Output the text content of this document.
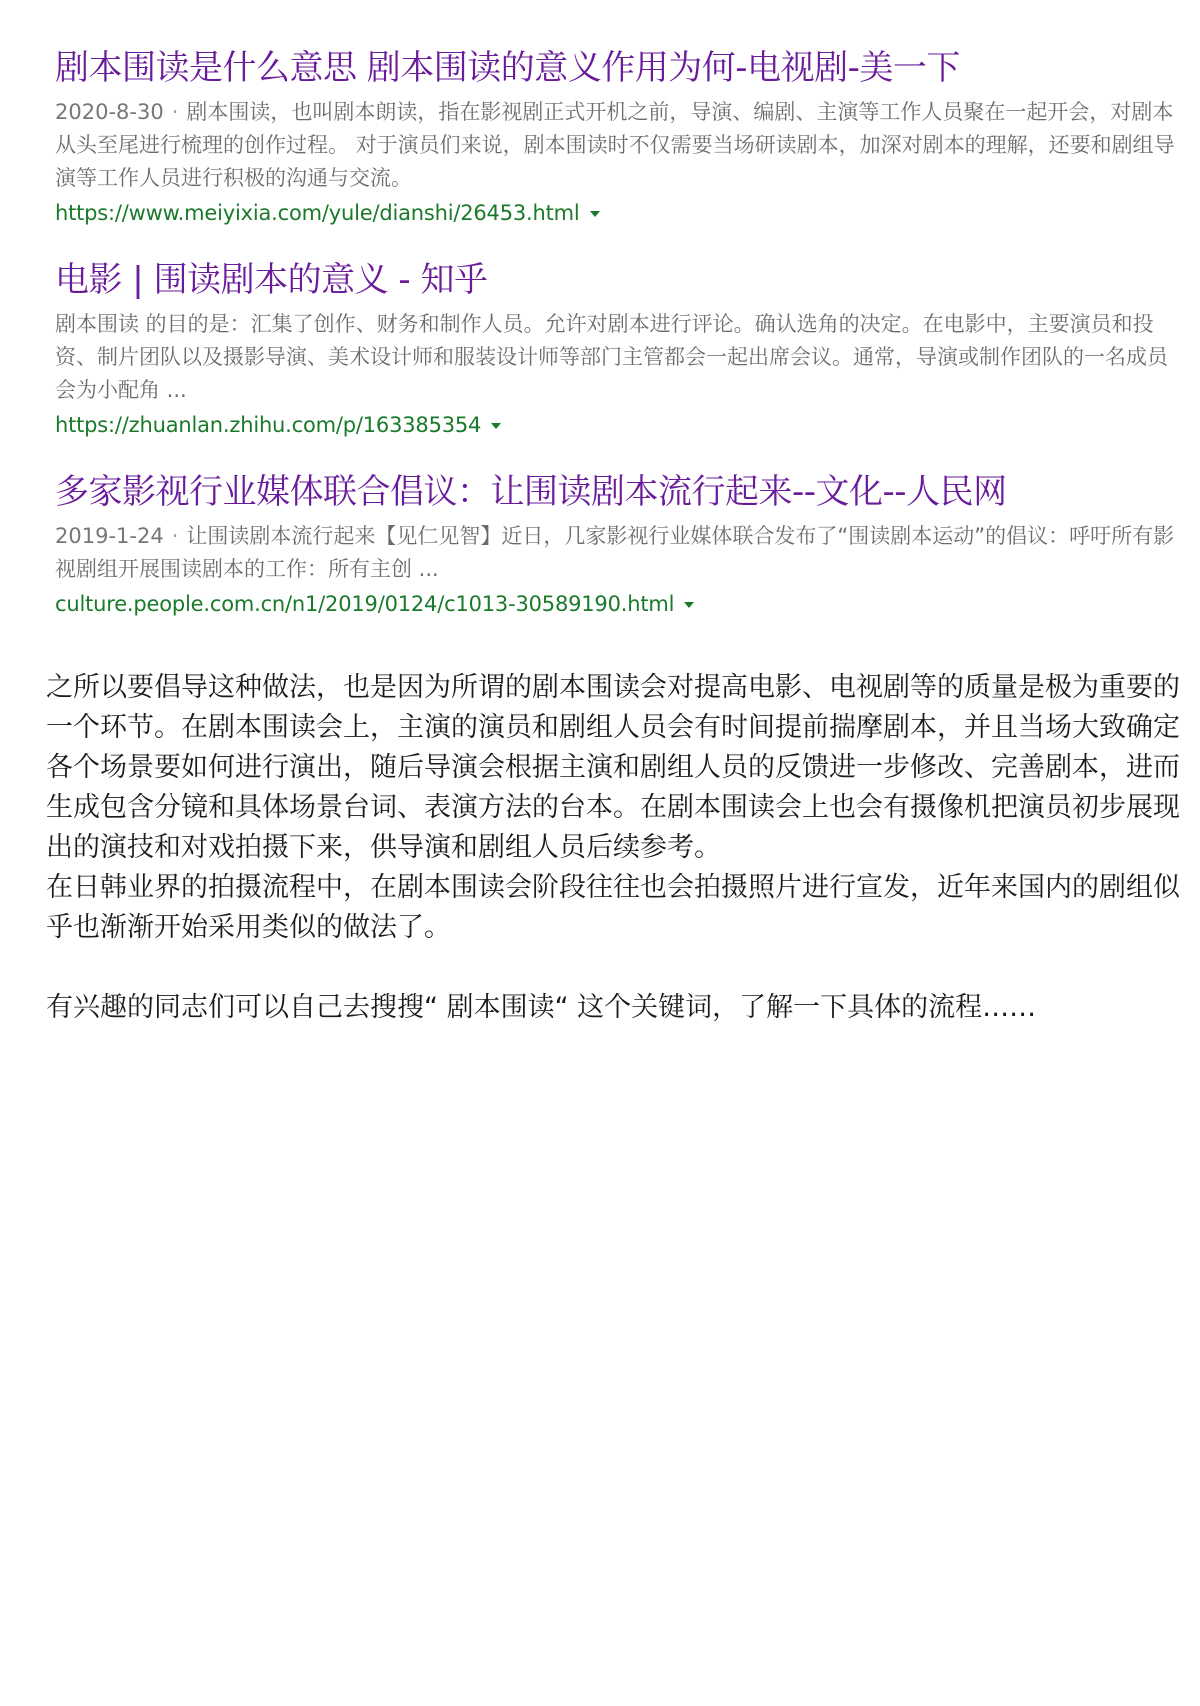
剧本围读是什么意思 剧本围读的意义作用为何-电视剧-美一下

2020-8-30 · 剧本围读，也叫剧本朗读，指在影视剧正式开机之前，导演、编剧、主演等工作人员聚在一起开会，对剧本从头至尾进行梳理的创作过程。 对于演员们来说，剧本围读时不仅需要当场研读剧本，加深对剧本的理解，还要和剧组导演等工作人员进行积极的沟通与交流。

https://www.meiyixia.com/yule/dianshi/26453.html
电影 | 围读剧本的意义 - 知乎

剧本围读 的目的是：汇集了创作、财务和制作人员。允许对剧本进行评论。确认选角的决定。在电影中，主要演员和投资、制片团队以及摄影导演、美术设计师和服装设计师等部门主管都会一起出席会议。通常，导演或制作团队的一名成员会为小配角 ...

https://zhuanlan.zhihu.com/p/163385354
多家影视行业媒体联合倡议：让围读剧本流行起来--文化--人民网

2019-1-24 · 让围读剧本流行起来【见仁见智】近日，几家影视行业媒体联合发布了“围读剧本运动”的倡议：呼吁所有影视剧组开展围读剧本的工作：所有主创 ...

culture.people.com.cn/n1/2019/0124/c1013-30589190.html

之所以要倡导这种做法，也是因为所谓的剧本围读会对提高电影、电视剧等的质量是极为重要的一个环节。在剧本围读会上，主演的演员和剧组人员会有时间提前揣摩剧本，并且当场大致确定各个场景要如何进行演出，随后导演会根据主演和剧组人员的反馈进一步修改、完善剧本，进而生成包含分镜和具体场景台词、表演方法的台本。在剧本围读会上也会有摄像机把演员初步展现出的演技和对戏拍摄下来，供导演和剧组人员后续参考。

在日韩业界的拍摄流程中，在剧本围读会阶段往往也会拍摄照片进行宣发，近年来国内的剧组似乎也渐渐开始采用类似的做法了。

有兴趣的同志们可以自己去搜搜“ 剧本围读“ 这个关键词，了解一下具体的流程……
